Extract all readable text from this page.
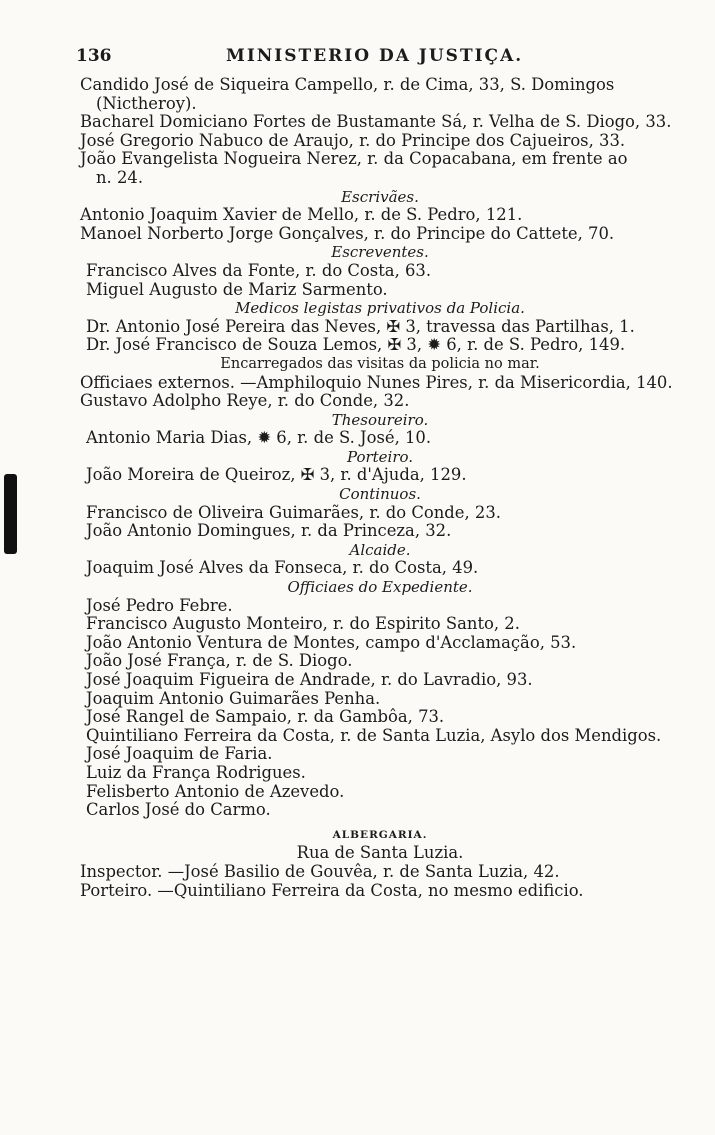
136	MINISTERIO DA JUSTIÇA.
Candido José de Siqueira Campello, r. de Cima, 33, S. Domingos
(Nictheroy).
Bacharel Domiciano Fortes de Bustamante Sá, r. Velha de S. Diogo, 33.
José Gregorio Nabuco de Araujo, r. do Principe dos Cajueiros, 33.
João Evangelista Nogueira Nerez, r. da Copacabana, em frente ao
n. 24.
Escrivães.
Antonio Joaquim Xavier de Mello, r. de S. Pedro, 121.
Manoel Norberto Jorge Gonçalves, r. do Principe do Cattete, 70.
Escreventes.
Francisco Alves da Fonte, r. do Costa, 63.
Miguel Augusto de Mariz Sarmento.
Medicos legistas privativos da Policia.
Dr. Antonio José Pereira das Neves, ✠ 3, travessa das Partilhas, 1.
Dr. José Francisco de Souza Lemos, ✠ 3, ✹ 6, r. de S. Pedro, 149.
Encarregados das visitas da policia no mar.
Officiaes externos. —Amphiloquio Nunes Pires, r. da Misericordia, 140.
Gustavo Adolpho Reye, r. do Conde, 32.
Thesoureiro.
Antonio Maria Dias, ✹ 6, r. de S. José, 10.
Porteiro.
João Moreira de Queiroz, ✠ 3, r. d'Ajuda, 129.
Continuos.
Francisco de Oliveira Guimarães, r. do Conde, 23.
João Antonio Domingues, r. da Princeza, 32.
Alcaide.
Joaquim José Alves da Fonseca, r. do Costa, 49.
Officiaes do Expediente.
José Pedro Febre.
Francisco Augusto Monteiro, r. do Espirito Santo, 2.
João Antonio Ventura de Montes, campo d'Acclamação, 53.
João José França, r. de S. Diogo.
José Joaquim Figueira de Andrade, r. do Lavradio, 93.
Joaquim Antonio Guimarães Penha.
José Rangel de Sampaio, r. da Gambôa, 73.
Quintiliano Ferreira da Costa, r. de Santa Luzia, Asylo dos Mendigos.
José Joaquim de Faria.
Luiz da França Rodrigues.
Felisberto Antonio de Azevedo.
Carlos José do Carmo.
ALBERGARIA.
Rua de Santa Luzia.
Inspector. —José Basilio de Gouvêa, r. de Santa Luzia, 42.
Porteiro. —Quintiliano Ferreira da Costa, no mesmo edificio.
